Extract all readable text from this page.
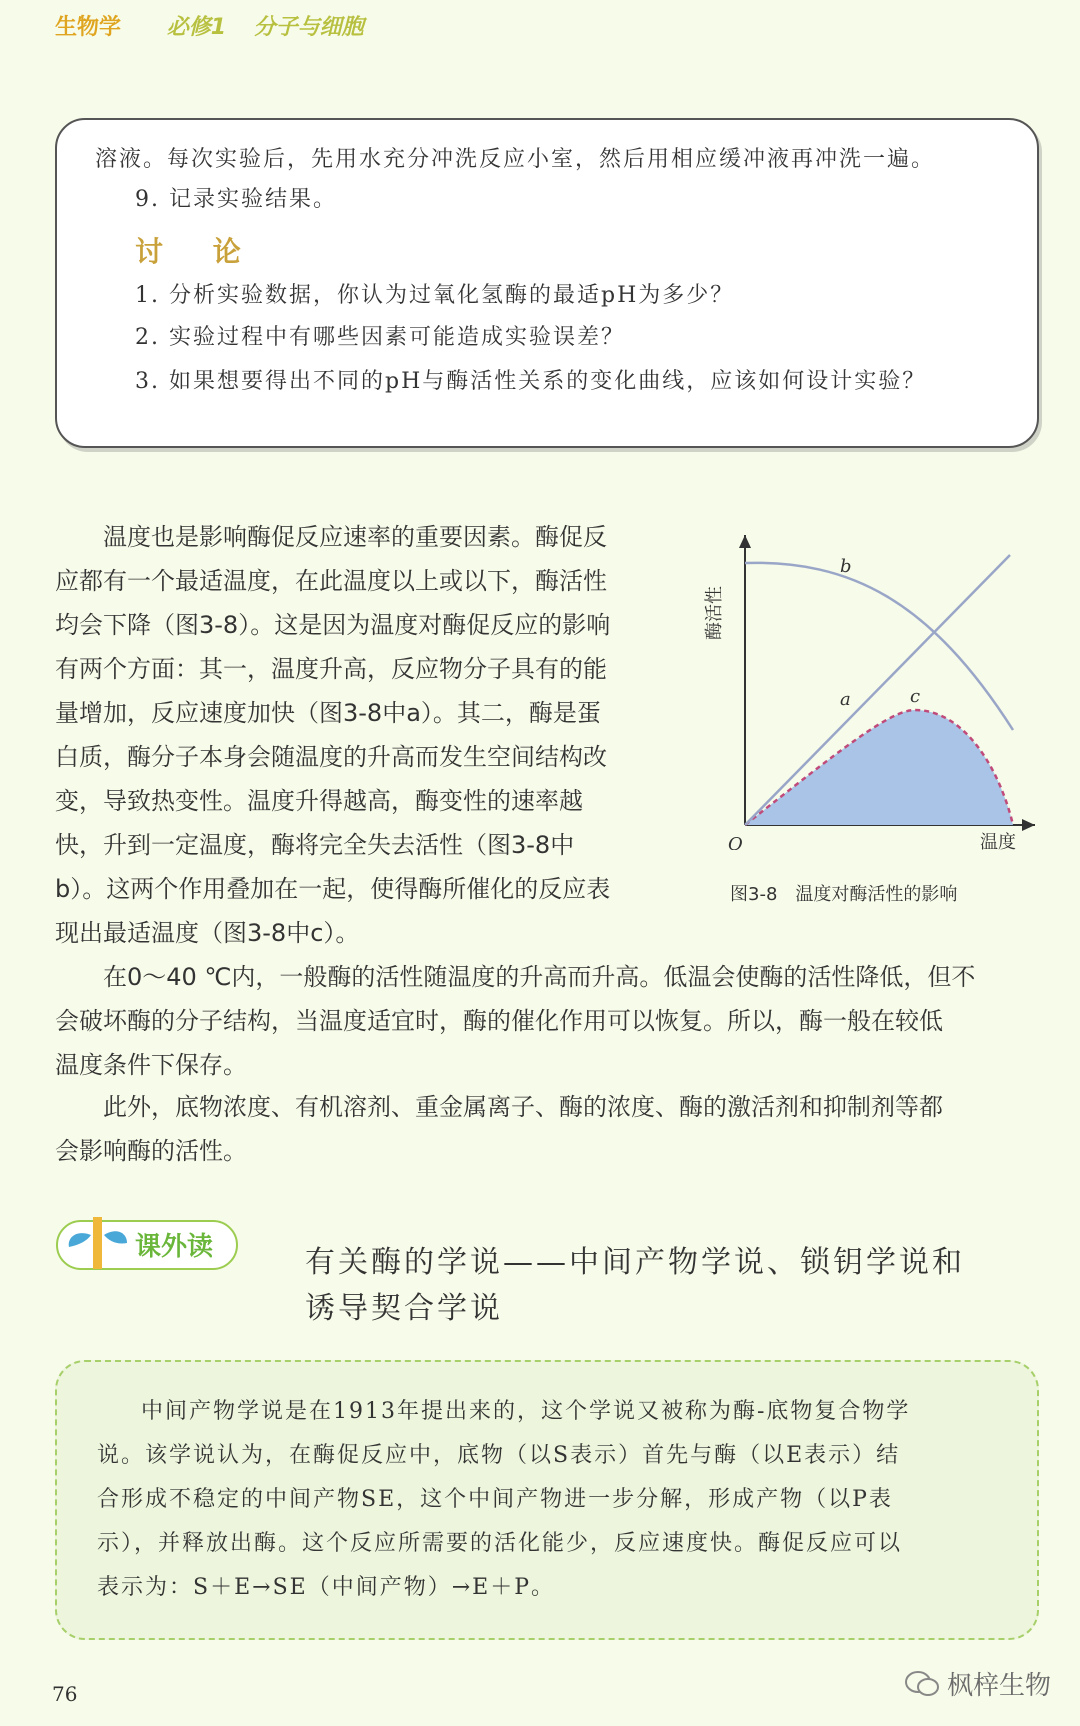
生物学 必修1 分子与细胞
溶液。每次实验后，先用水充分冲洗反应小室，然后用相应缓冲液再冲洗一遍。
9. 记录实验结果。
讨 论
1. 分析实验数据，你认为过氧化氢酶的最适pH为多少？
2. 实验过程中有哪些因素可能造成实验误差？
3. 如果想要得出不同的pH与酶活性关系的变化曲线，应该如何设计实验？

温度也是影响酶促反应速率的重要因素。酶促反

应都有一个最适温度，在此温度以上或以下，酶活性

均会下降（图3-8）。这是因为温度对酶促反应的影响

有两个方面：其一，温度升高，反应物分子具有的能

量增加，反应速度加快（图3-8中a）。其二，酶是蛋

白质，酶分子本身会随温度的升高而发生空间结构改

变，导致热变性。温度升得越高，酶变性的速率越

快，升到一定温度，酶将完全失去活性（图3-8中

b）。这两个作用叠加在一起，使得酶所催化的反应表

现出最适温度（图3-8中c）。

酶活性
温度
O
a
b
c
图3-8　温度对酶活性的影响

在0～40 ℃内，一般酶的活性随温度的升高而升高。低温会使酶的活性降低，但不

会破坏酶的分子结构，当温度适宜时，酶的催化作用可以恢复。所以，酶一般在较低

温度条件下保存。

此外，底物浓度、有机溶剂、重金属离子、酶的浓度、酶的激活剂和抑制剂等都

会影响酶的活性。

课外读	有关酶的学说——中间产物学说、锁钥学说和
诱导契合学说

中间产物学说是在1913年提出来的，这个学说又被称为酶-底物复合物学

说。该学说认为，在酶促反应中，底物（以S表示）首先与酶（以E表示）结

合形成不稳定的中间产物SE，这个中间产物进一步分解，形成产物（以P表

示），并释放出酶。这个反应所需要的活化能少，反应速度快。酶促反应可以

表示为：S＋E→SE（中间产物）→E＋P。

76	枫梓生物
